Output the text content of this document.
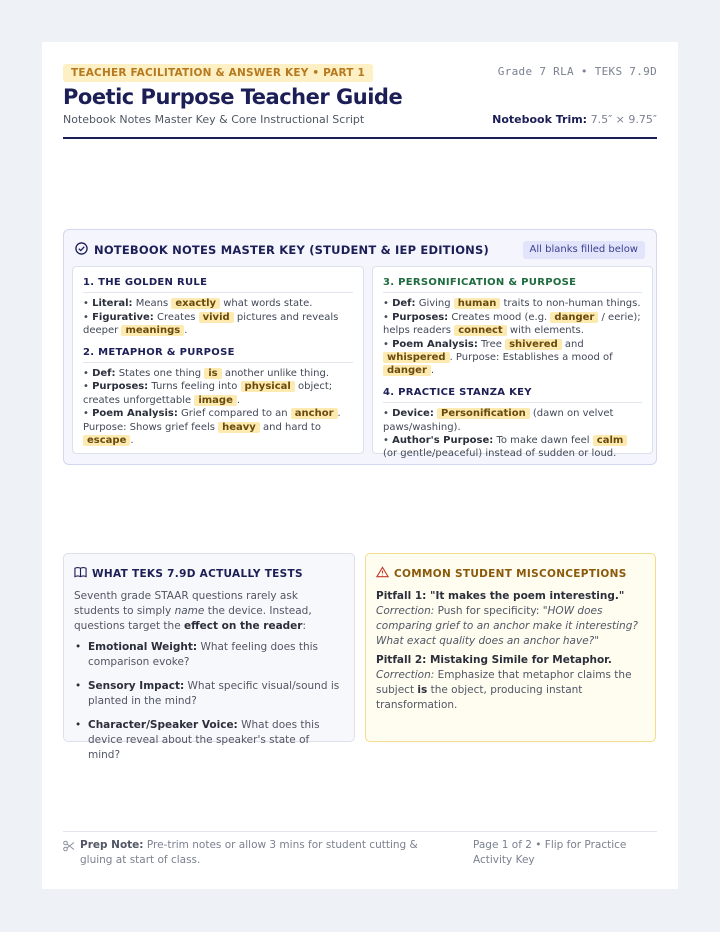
TEACHER FACILITATION & ANSWER KEY • PART 1	Grade 7 RLA • TEKS 7.9D
Poetic Purpose Teacher Guide
Notebook Notes Master Key & Core Instructional Script	Notebook Trim: 7.5″ × 9.75″
NOTEBOOK NOTES MASTER KEY (STUDENT & IEP EDITIONS)	All blanks filled below
1. THE GOLDEN RULE
• Literal: Means exactly what words state.
• Figurative: Creates vivid pictures and reveals deeper meanings .
2. METAPHOR & PURPOSE
• Def: States one thing is another unlike thing.
• Purposes: Turns feeling into physical object; creates unforgettable image .
• Poem Analysis: Grief compared to an anchor . Purpose: Shows grief feels heavy and hard to escape .
3. PERSONIFICATION & PURPOSE
• Def: Giving human traits to non-human things.
• Purposes: Creates mood (e.g. danger / eerie); helps readers connect with elements.
• Poem Analysis: Tree shivered and whispered . Purpose: Establishes a mood of danger .
4. PRACTICE STANZA KEY
• Device: Personification (dawn on velvet paws/washing).
• Author's Purpose: To make dawn feel calm (or gentle/peaceful) instead of sudden or loud.
WHAT TEKS 7.9D ACTUALLY TESTS

Seventh grade STAAR questions rarely ask students to simply name the device. Instead, questions target the effect on the reader:

• Emotional Weight: What feeling does this comparison evoke?
• Sensory Impact: What specific visual/sound is planted in the mind?
• Character/Speaker Voice: What does this device reveal about the speaker's state of mind?
COMMON STUDENT MISCONCEPTIONS
Pitfall 1: "It makes the poem interesting."
Correction: Push for specificity: "HOW does comparing grief to an anchor make it interesting? What exact quality does an anchor have?"
Pitfall 2: Mistaking Simile for Metaphor.
Correction: Emphasize that metaphor claims the subject is the object, producing instant transformation.
Prep Note: Pre-trim notes or allow 3 mins for student cutting & gluing at start of class.
Page 1 of 2 • Flip for Practice Activity Key
